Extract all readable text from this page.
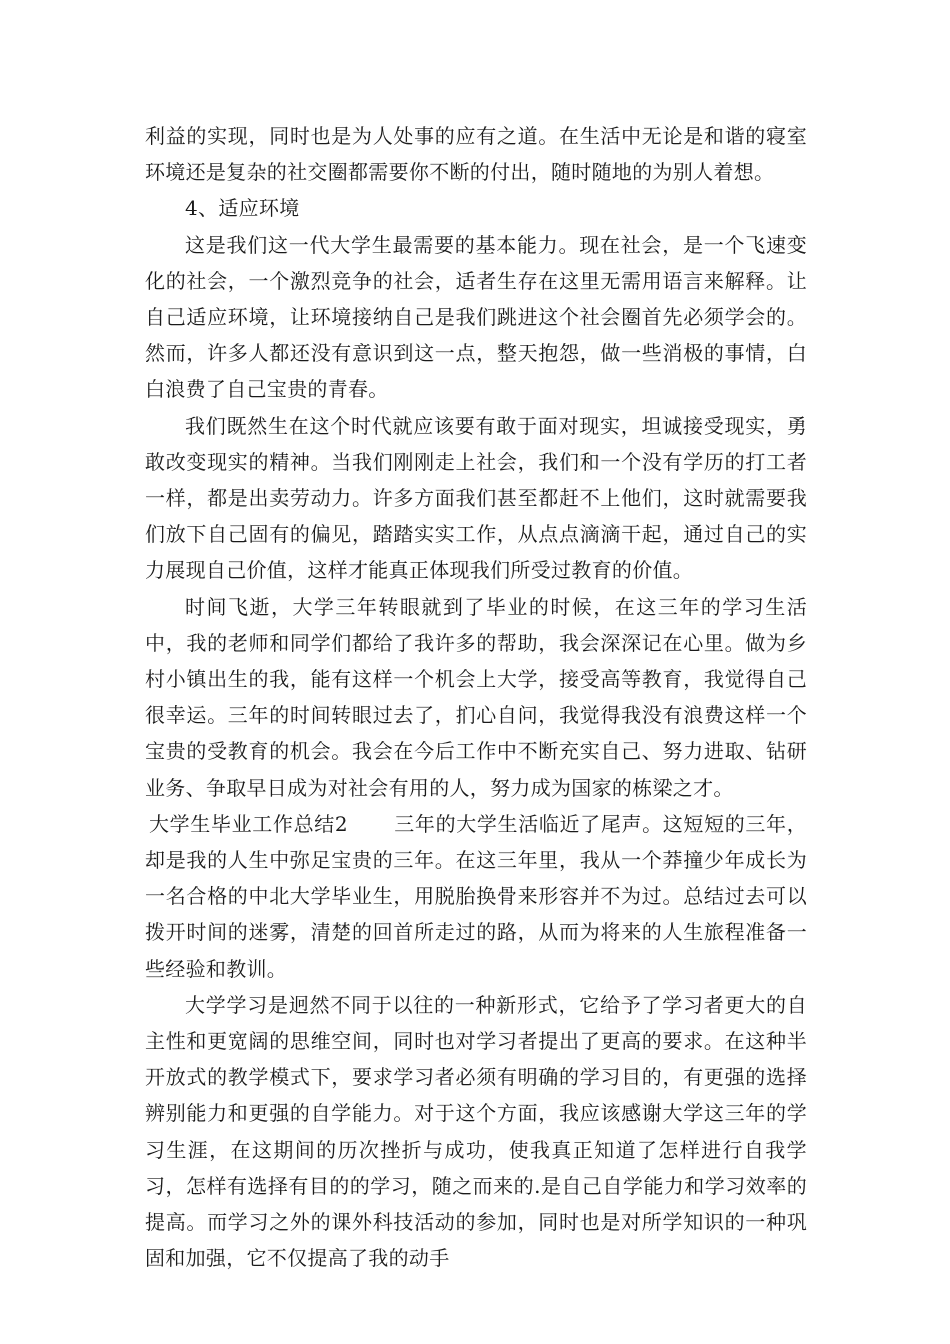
利益的实现，同时也是为人处事的应有之道。在生活中无论是和谐的寝室环境还是复杂的社交圈都需要你不断的付出，随时随地的为别人着想。

4、适应环境

这是我们这一代大学生最需要的基本能力。现在社会，是一个飞速变化的社会，一个激烈竞争的社会，适者生存在这里无需用语言来解释。让自己适应环境，让环境接纳自己是我们跳进这个社会圈首先必须学会的。然而，许多人都还没有意识到这一点，整天抱怨，做一些消极的事情，白白浪费了自己宝贵的青春。

我们既然生在这个时代就应该要有敢于面对现实，坦诚接受现实，勇敢改变现实的精神。当我们刚刚走上社会，我们和一个没有学历的打工者一样，都是出卖劳动力。许多方面我们甚至都赶不上他们，这时就需要我们放下自己固有的偏见，踏踏实实工作，从点点滴滴干起，通过自己的实力展现自己价值，这样才能真正体现我们所受过教育的价值。

时间飞逝，大学三年转眼就到了毕业的时候，在这三年的学习生活中，我的老师和同学们都给了我许多的帮助，我会深深记在心里。做为乡村小镇出生的我，能有这样一个机会上大学，接受高等教育，我觉得自己很幸运。三年的时间转眼过去了，扪心自问，我觉得我没有浪费这样一个宝贵的受教育的机会。我会在今后工作中不断充实自己、努力进取、钻研业务、争取早日成为对社会有用的人，努力成为国家的栋梁之才。

大学生毕业工作总结2 三年的大学生活临近了尾声。这短短的三年，却是我的人生中弥足宝贵的三年。在这三年里，我从一个莽撞少年成长为一名合格的中北大学毕业生，用脱胎换骨来形容并不为过。总结过去可以拨开时间的迷雾，清楚的回首所走过的路，从而为将来的人生旅程准备一些经验和教训。

大学学习是迥然不同于以往的一种新形式，它给予了学习者更大的自主性和更宽阔的思维空间，同时也对学习者提出了更高的要求。在这种半开放式的教学模式下，要求学习者必须有明确的学习目的，有更强的选择辨别能力和更强的自学能力。对于这个方面，我应该感谢大学这三年的学习生涯，在这期间的历次挫折与成功，使我真正知道了怎样进行自我学习，怎样有选择有目的的学习，随之而来的.是自己自学能力和学习效率的提高。而学习之外的课外科技活动的参加，同时也是对所学知识的一种巩固和加强，它不仅提高了我的动手
